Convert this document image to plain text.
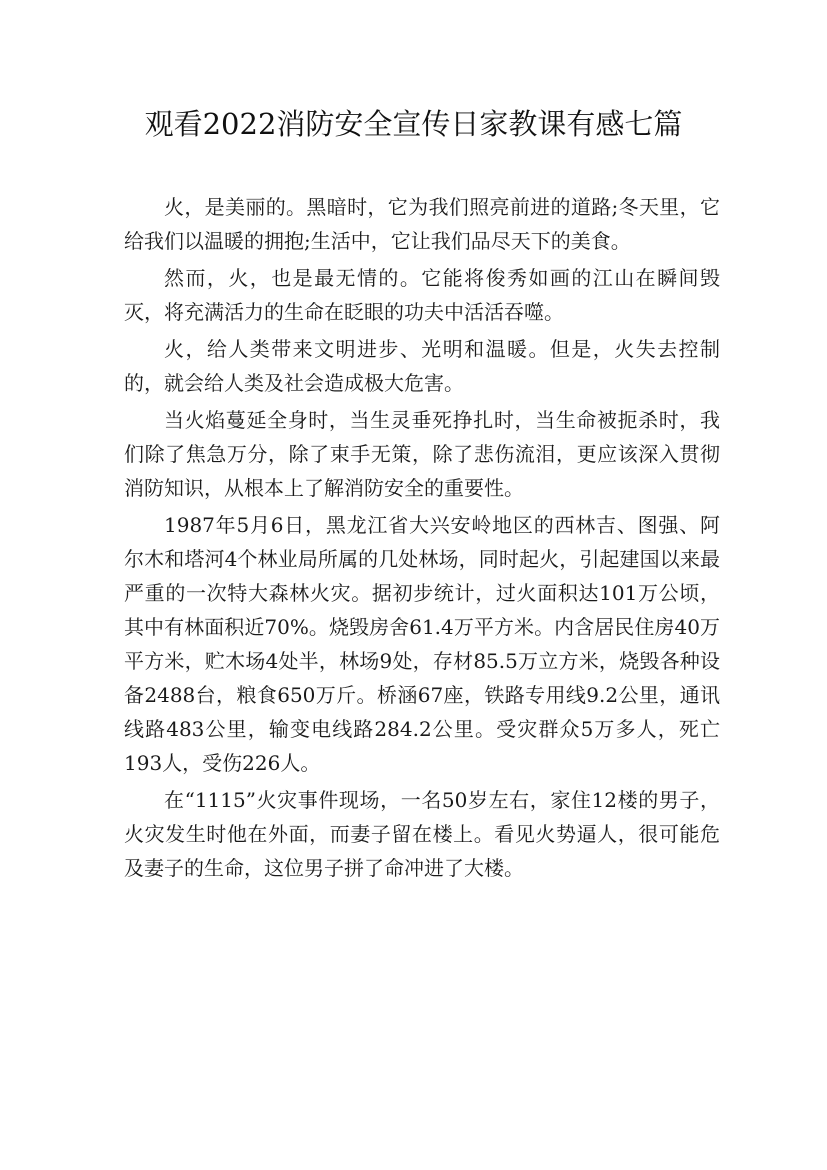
观看2022消防安全宣传日家教课有感七篇

火，是美丽的。黑暗时，它为我们照亮前进的道路;冬天里，它给我们以温暖的拥抱;生活中，它让我们品尽天下的美食。

然而，火，也是最无情的。它能将俊秀如画的江山在瞬间毁灭，将充满活力的生命在眨眼的功夫中活活吞噬。

火，给人类带来文明进步、光明和温暖。但是，火失去控制的，就会给人类及社会造成极大危害。

当火焰蔓延全身时，当生灵垂死挣扎时，当生命被扼杀时，我们除了焦急万分，除了束手无策，除了悲伤流泪，更应该深入贯彻消防知识，从根本上了解消防安全的重要性。

1987年5月6日，黑龙江省大兴安岭地区的西林吉、图强、阿尔木和塔河4个林业局所属的几处林场，同时起火，引起建国以来最严重的一次特大森林火灾。据初步统计，过火面积达101万公顷，其中有林面积近70%。烧毁房舍61.4万平方米。内含居民住房40万平方米，贮木场4处半，林场9处，存材85.5万立方米，烧毁各种设备2488台，粮食650万斤。桥涵67座，铁路专用线9.2公里，通讯线路483公里，输变电线路284.2公里。受灾群众5万多人，死亡193人，受伤226人。

在“1115”火灾事件现场，一名50岁左右，家住12楼的男子，火灾发生时他在外面，而妻子留在楼上。看见火势逼人，很可能危及妻子的生命，这位男子拼了命冲进了大楼。
